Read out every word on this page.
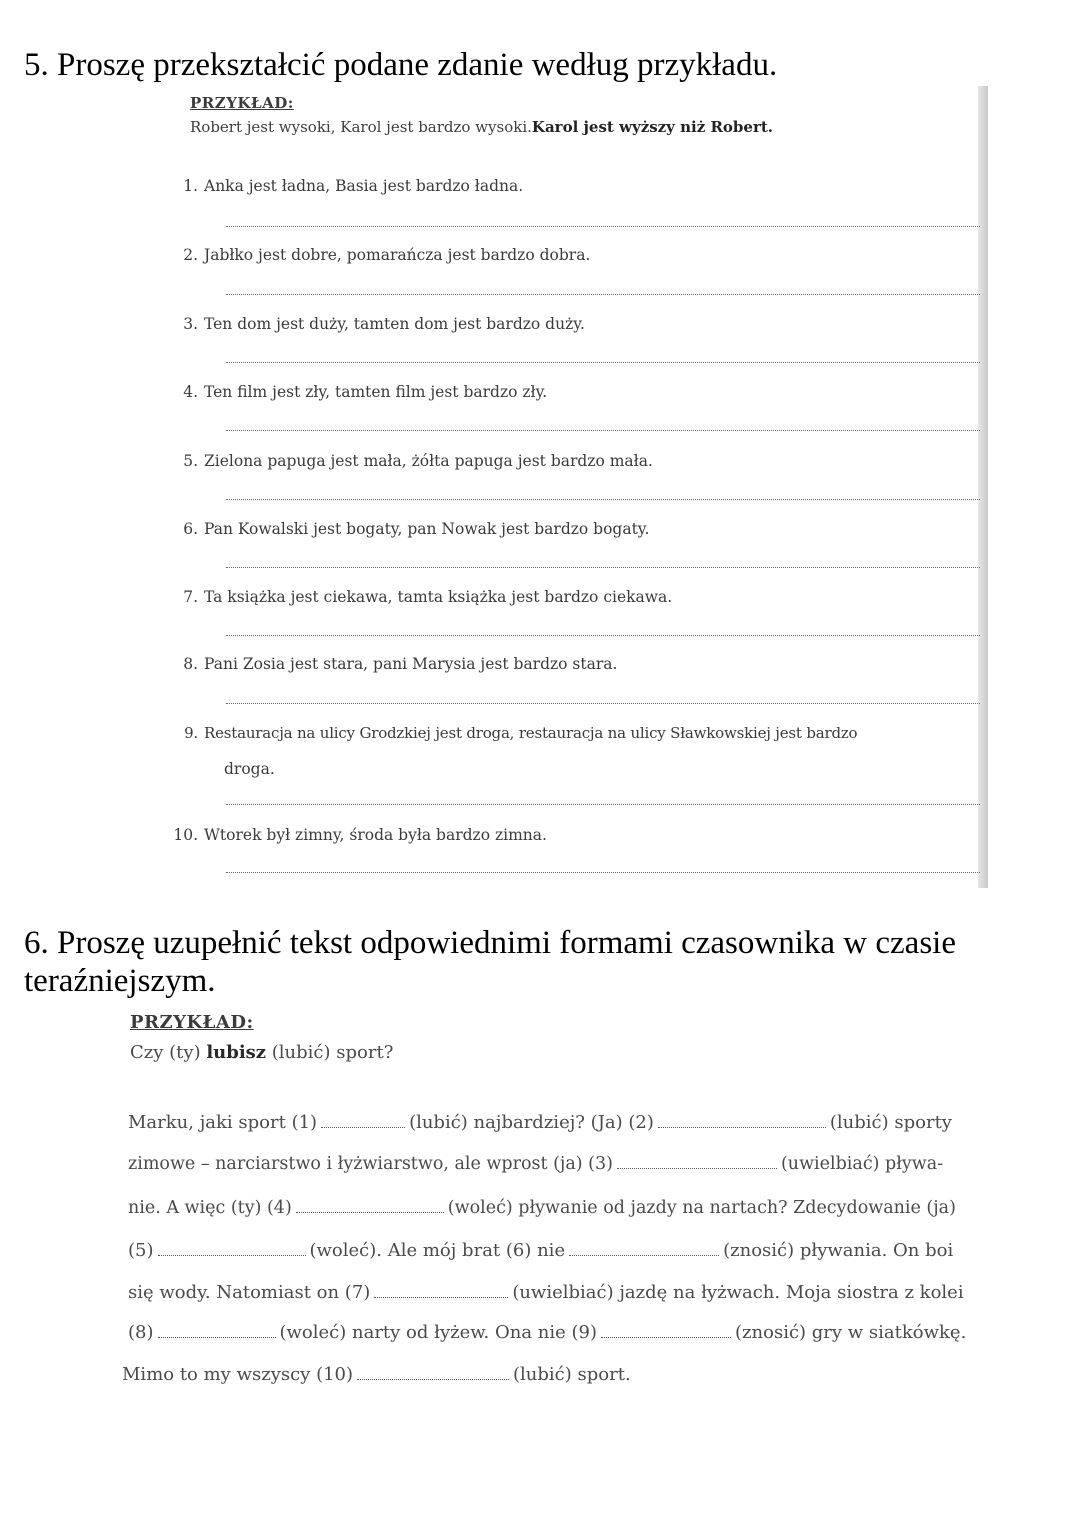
5. Proszę przekształcić podane zdanie według przykładu.
PRZYKŁAD:
Robert jest wysoki, Karol jest bardzo wysoki.Karol jest wyższy niż Robert.
1. Anka jest ładna, Basia jest bardzo ładna.
2. Jabłko jest dobre, pomarańcza jest bardzo dobra.
3. Ten dom jest duży, tamten dom jest bardzo duży.
4. Ten film jest zły, tamten film jest bardzo zły.
5. Zielona papuga jest mała, żółta papuga jest bardzo mała.
6. Pan Kowalski jest bogaty, pan Nowak jest bardzo bogaty.
7. Ta książka jest ciekawa, tamta książka jest bardzo ciekawa.
8. Pani Zosia jest stara, pani Marysia jest bardzo stara.
9. Restauracja na ulicy Grodzkiej jest droga, restauracja na ulicy Sławkowskiej jest bardzo
droga.
10. Wtorek był zimny, środa była bardzo zimna.
6. Proszę uzupełnić tekst odpowiednimi formami czasownika w czasie teraźniejszym.
PRZYKŁAD:
Czy (ty) lubisz (lubić) sport?
Marku, jaki sport (1)	(lubić) najbardziej? (Ja) (2)	(lubić) sporty
zimowe – narciarstwo i łyżwiarstwo, ale wprost (ja) (3)	(uwielbiać) pływa-
nie. A więc (ty) (4)	(woleć) pływanie od jazdy na nartach? Zdecydowanie (ja)
(5)	(woleć). Ale mój brat (6) nie	(znosić) pływania. On boi
się wody. Natomiast on (7)	(uwielbiać) jazdę na łyżwach. Moja siostra z kolei
(8)	(woleć) narty od łyżew. Ona nie (9)	(znosić) gry w siatkówkę.
Mimo to my wszyscy (10)	(lubić) sport.
